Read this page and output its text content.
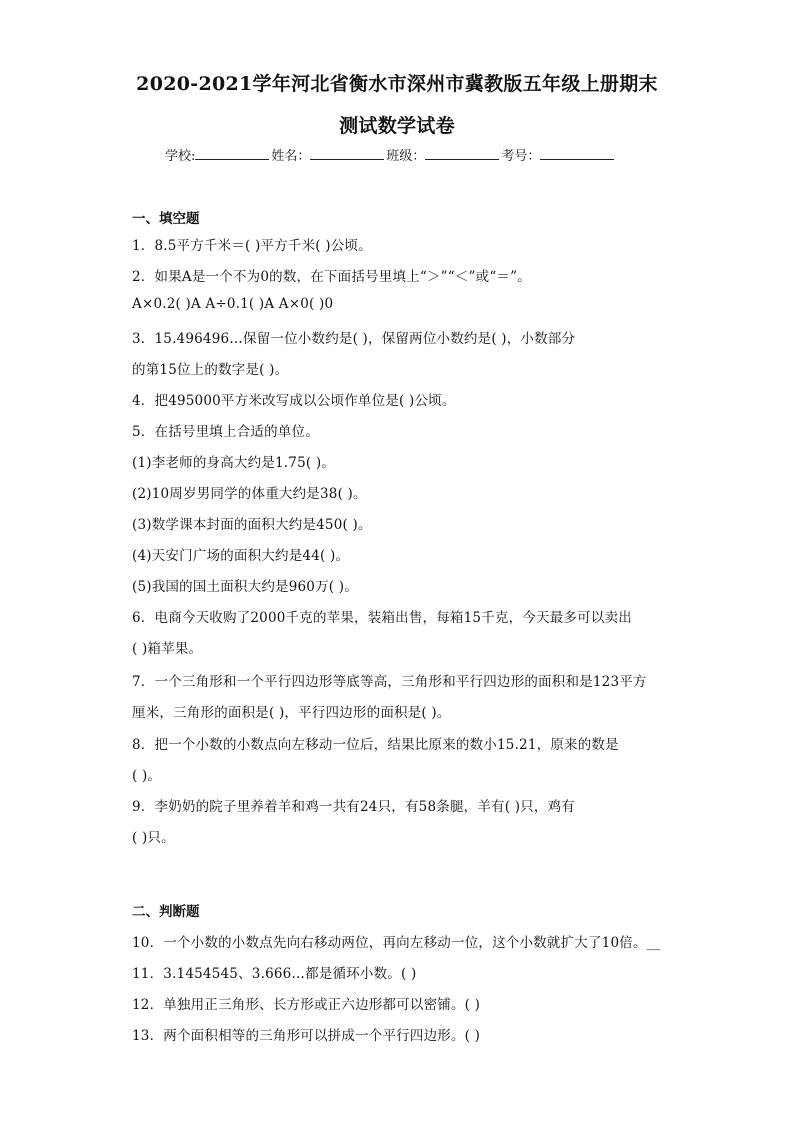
2020-2021学年河北省衡水市深州市冀教版五年级上册期末
测试数学试卷
学校:	姓名：	班级：	考号：
一、填空题
1．8.5平方千米＝( )平方千米( )公顷。
2．如果A是一个不为0的数，在下面括号里填上“＞”“＜”或“＝”。
A×0.2( )A A÷0.1( )A A×0( )0
3．15.496496…保留一位小数约是( )，保留两位小数约是( )，小数部分
的第15位上的数字是( )。
4．把495000平方米改写成以公顷作单位是( )公顷。
5．在括号里填上合适的单位。
(1)李老师的身高大约是1.75( )。
(2)10周岁男同学的体重大约是38( )。
(3)数学课本封面的面积大约是450( )。
(4)天安门广场的面积大约是44( )。
(5)我国的国土面积大约是960万( )。
6．电商今天收购了2000千克的苹果，装箱出售，每箱15千克，今天最多可以卖出
( )箱苹果。
7．一个三角形和一个平行四边形等底等高，三角形和平行四边形的面积和是123平方
厘米，三角形的面积是( )，平行四边形的面积是( )。
8．把一个小数的小数点向左移动一位后，结果比原来的数小15.21，原来的数是
( )。
9．李奶奶的院子里养着羊和鸡一共有24只，有58条腿，羊有( )只，鸡有
( )只。
二、判断题
10．一个小数的小数点先向右移动两位，再向左移动一位，这个小数就扩大了10倍。__
11．3.1454545、3.666…都是循环小数。( )
12．单独用正三角形、长方形或正六边形都可以密铺。( )
13．两个面积相等的三角形可以拼成一个平行四边形。( )
